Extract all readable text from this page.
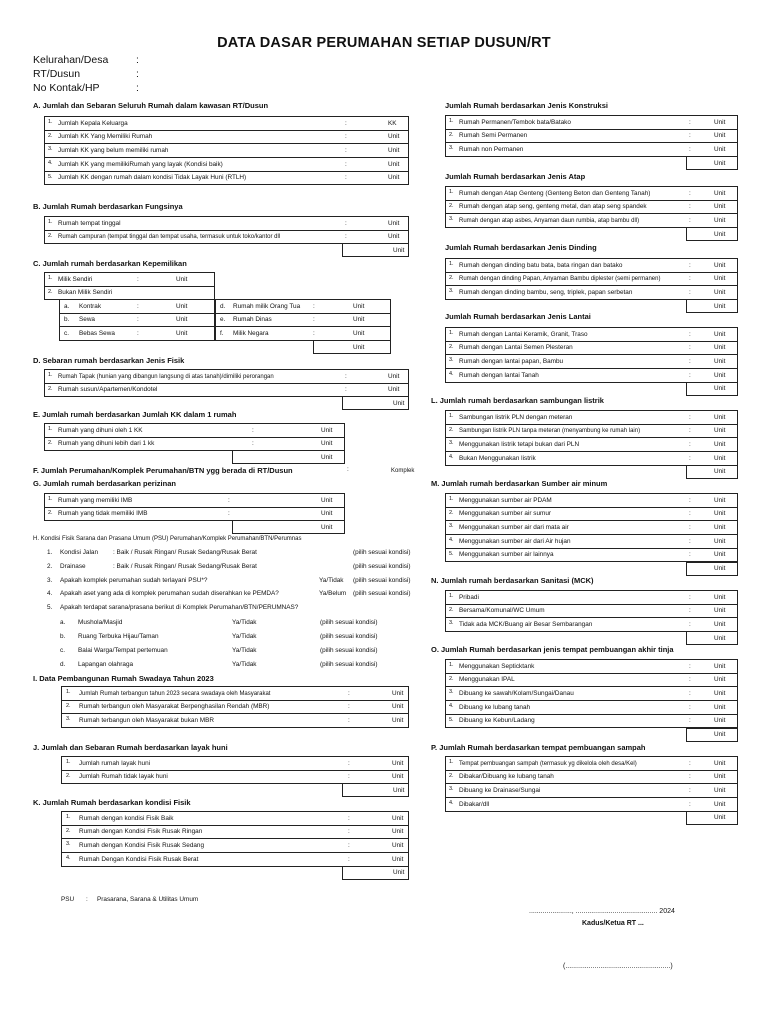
DATA DASAR PERUMAHAN SETIAP DUSUN/RT
Kelurahan/Desa	:
RT/Dusun	:
No Kontak/HP	:
A. Jumlah dan Sebaran Seluruh Rumah dalam kawasan RT/Dusun
1. Jumlah Kepala Keluarga	:	KK
2. Jumlah KK Yang Memiliki Rumah	:	Unit
3. Jumlah KK yang belum memiliki rumah	:	Unit
4. Jumlah KK yang memilikiRumah yang layak (Kondisi baik)	:	Unit
5. Jumlah KK dengan rumah dalam kondisi Tidak Layak Huni (RTLH)	:	Unit
B. Jumlah Rumah berdasarkan Fungsinya
1. Rumah tempat tinggal	:	Unit
2. Rumah campuran (tempat tinggal dan tempat usaha, termasuk untuk toko/kantor dll	:	Unit
Unit
C. Jumlah rumah berdasarkan Kepemilikan
1. Milik Sendiri	:	Unit
2. Bukan Milik Sendiri
a. Kontrak	:	Unit
b. Sewa	:	Unit
c. Bebas Sewa	:	Unit
d. Rumah milik Orang Tua :	Unit
e. Rumah Dinas	:	Unit
f. Milik Negara	:	Unit
Unit
D. Sebaran rumah berdasarkan Jenis Fisik
1. Rumah Tapak (hunian yang dibangun langsung di atas tanah)/dimiliki perorangan	:	Unit
2. Rumah susun/Apartemen/Kondotel	:	Unit
Unit
E. Jumlah rumah berdasarkan Jumlah KK dalam 1 rumah
1. Rumah yang dihuni oleh 1 KK	:	Unit
2. Rumah yang dihuni lebih dari 1 kk	:	Unit
Unit
F. Jumlah Perumahan/Komplek Perumahan/BTN ygg berada di RT/Dusun	:	Komplek
G. Jumlah rumah berdasarkan perizinan
1. Rumah yang memiliki IMB	:	Unit
2. Rumah yang tidak memiliki IMB	:	Unit
Unit
H. Kondisi Fisik Sarana dan Prasana Umum (PSU) Perumahan/Komplek Perumahan/BTN/Perumnas
1. Kondisi Jalan : Baik / Rusak Ringan/ Rusak Sedang/Rusak Berat	(pilih sesuai kondisi)
2. Drainase	: Baik / Rusak Ringan/ Rusak Sedang/Rusak Berat	(pilih sesuai kondisi)
3. Apakah komplek perumahan sudah terlayani PSU*?	Ya/Tidak (pilih sesuai kondisi)
4. Apakah aset yang ada di komplek perumahan sudah diserahkan ke PEMDA?	Ya/Belum (pilih sesuai kondisi)
5. Apakah terdapat sarana/prasana berikut di Komplek Perumahan/BTN/PERUMNAS?
a. Mushola/Masjid	Ya/Tidak	(pilih sesuai kondisi)
b. Ruang Terbuka Hijau/Taman	Ya/Tidak	(pilih sesuai kondisi)
c. Balai Warga/Tempat pertemuan	Ya/Tidak	(pilih sesuai kondisi)
d. Lapangan olahraga	Ya/Tidak	(pilih sesuai kondisi)
I. Data Pembangunan Rumah Swadaya Tahun 2023
1. Jumlah Rumah terbangun tahun 2023 secara swadaya oleh Masyarakat	:	Unit
2. Rumah terbangun oleh Masyarakat Berpenghasilan Rendah (MBR)	:	Unit
3. Rumah terbangun oleh Masyarakat bukan MBR	:	Unit
J. Jumlah dan Sebaran Rumah berdasarkan layak huni
1. Jumlah rumah layak huni	:	Unit
2. Jumlah Rumah tidak layak huni	:	Unit
Unit
K. Jumlah Rumah berdasarkan kondisi Fisik
1. Rumah dengan kondisi Fisik Baik	:	Unit
2. Rumah dengan Kondisi Fisik Rusak Ringan	:	Unit
3. Rumah dengan Kondisi Fisik Rusak Sedang	:	Unit
4. Rumah Dengan Kondisi Fisik Rusak Berat	:	Unit
Unit
Jumlah Rumah berdasarkan Jenis Konstruksi
1. Rumah Permanen/Tembok bata/Batako	:	Unit
2. Rumah Semi Permanen	:	Unit
3. Rumah non Permanen	:	Unit
Unit
Jumlah Rumah berdasarkan Jenis Atap
1. Rumah dengan Atap Genteng (Genteng Beton dan Genteng Tanah)	:	Unit
2. Rumah dengan atap seng, genteng metal, dan atap seng spandek	:	Unit
3. Rumah dengan atap asbes, Anyaman daun rumbia, atap bambu dll)	:	Unit
Unit
Jumlah Rumah berdasarkan Jenis Dinding
1. Rumah dengan dinding batu bata, bata ringan dan batako	:	Unit
2. Rumah dengan dinding Papan, Anyaman Bambu diplester (semi permanen)	:	Unit
3. Rumah dengan dinding bambu, seng, triplek, papan serbetan	:	Unit
Unit
Jumlah Rumah berdasarkan Jenis Lantai
1. Rumah dengan Lantai Keramik, Granit, Traso	:	Unit
2. Rumah dengan Lantai Semen Plesteran	:	Unit
3. Rumah dengan lantai papan, Bambu	:	Unit
4. Rumah dengan lantai Tanah	:	Unit
Unit
L. Jumlah rumah berdasarkan sambungan listrik
1. Sambungan listrik PLN dengan meteran	:	Unit
2. Sambungan listrik PLN tanpa meteran (menyambung ke rumah lain)	:	Unit
3. Menggunakan listrik tetapi bukan dari PLN	:	Unit
4. Bukan Menggunakan listrik	:	Unit
Unit
M. Jumlah rumah berdasarkan Sumber air minum
1. Menggunakan sumber air PDAM	:	Unit
2. Menggunakan sumber air sumur	:	Unit
3. Menggunakan sumber air dari mata air	:	Unit
4. Menggunakan sumber air dari Air hujan	:	Unit
5. Menggunakan sumber air lainnya	:	Unit
Unit
N. Jumlah rumah berdasarkan Sanitasi (MCK)
1. Pribadi	:	Unit
2. Bersama/Komunal/WC Umum	:	Unit
3. Tidak ada MCK/Buang air Besar Sembarangan	:	Unit
Unit
O. Jumlah Rumah berdasarkan jenis tempat pembuangan akhir tinja
1. Menggunakan Septicktank	:	Unit
2. Menggunakan IPAL	:	Unit
3. Dibuang ke sawah/Kolam/Sungai/Danau	:	Unit
4. Dibuang ke lubang tanah	:	Unit
5. Dibuang ke Kebun/Ladang	:	Unit
Unit
P. Jumlah Rumah berdasarkan tempat pembuangan sampah
1. Tempat pembuangan sampah (termasuk yg dikelola oleh desa/Kel)	:	Unit
2. Dibakar/Dibuang ke lubang tanah	:	Unit
3. Dibuang ke Drainase/Sungai	:	Unit
4. Dibakar/dll	:	Unit
Unit
PSU : Prasarana, Sarana & Utilitas Umum
......................, .......................................... 2024
Kadus/Ketua RT ...
(......................................................)
